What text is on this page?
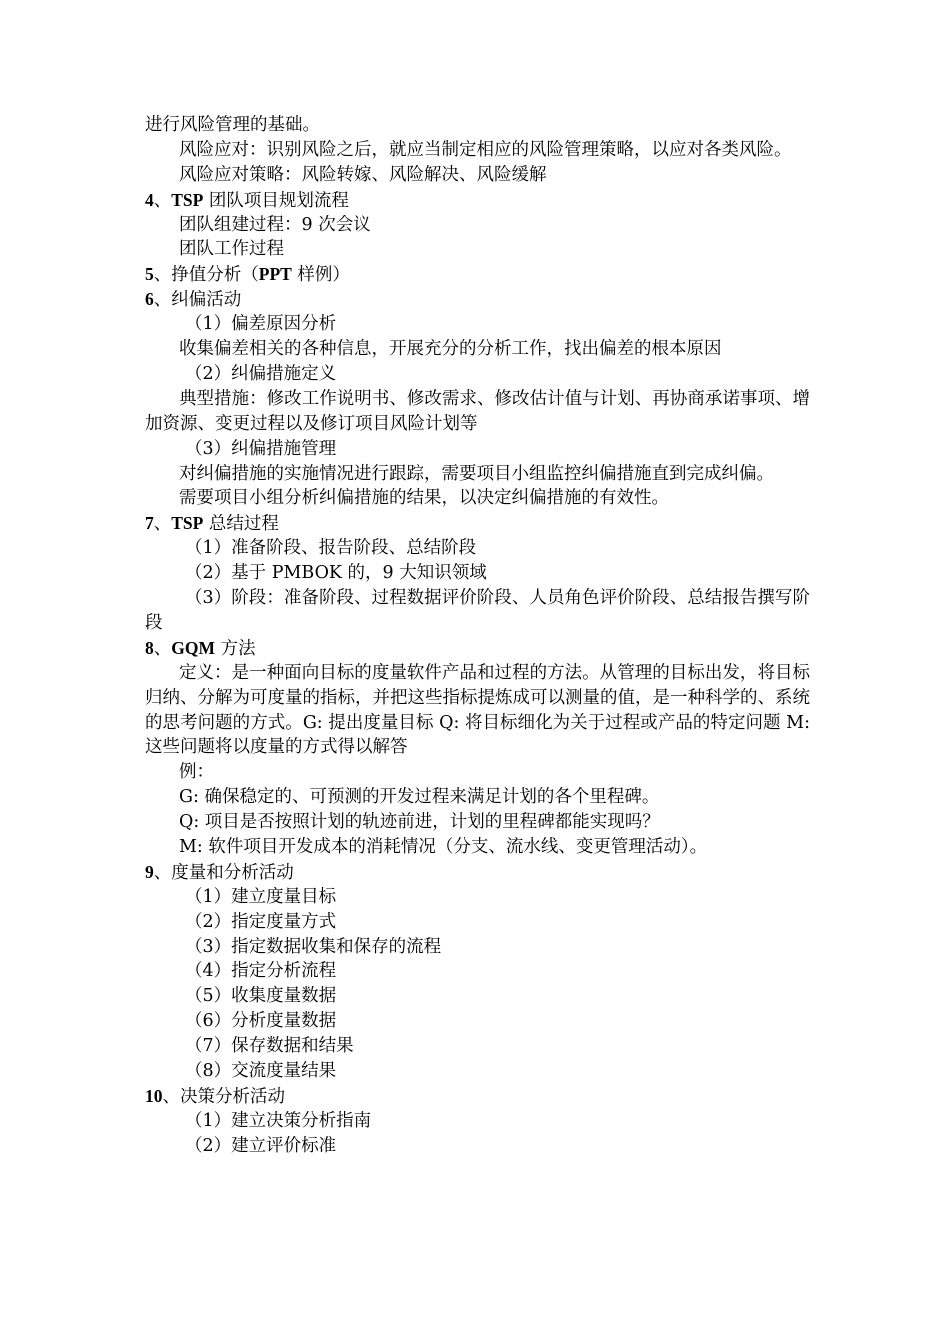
进行风险管理的基础。
风险应对：识别风险之后，就应当制定相应的风险管理策略，以应对各类风险。
风险应对策略：风险转嫁、风险解决、风险缓解
4、TSP 团队项目规划流程
团队组建过程：9 次会议
团队工作过程
5、挣值分析（PPT 样例）
6、纠偏活动
（1）偏差原因分析
收集偏差相关的各种信息，开展充分的分析工作，找出偏差的根本原因
（2）纠偏措施定义
典型措施：修改工作说明书、修改需求、修改估计值与计划、再协商承诺事项、增加资源、变更过程以及修订项目风险计划等
（3）纠偏措施管理
对纠偏措施的实施情况进行跟踪，需要项目小组监控纠偏措施直到完成纠偏。
需要项目小组分析纠偏措施的结果，以决定纠偏措施的有效性。
7、TSP 总结过程
（1）准备阶段、报告阶段、总结阶段
（2）基于 PMBOK 的，9 大知识领域
（3）阶段：准备阶段、过程数据评价阶段、人员角色评价阶段、总结报告撰写阶段
8、GQM 方法
定义：是一种面向目标的度量软件产品和过程的方法。从管理的目标出发，将目标归纳、分解为可度量的指标，并把这些指标提炼成可以测量的值，是一种科学的、系统的思考问题的方式。G: 提出度量目标 Q: 将目标细化为关于过程或产品的特定问题 M: 这些问题将以度量的方式得以解答
例：
G: 确保稳定的、可预测的开发过程来满足计划的各个里程碑。
Q: 项目是否按照计划的轨迹前进，计划的里程碑都能实现吗？
M: 软件项目开发成本的消耗情况（分支、流水线、变更管理活动）。
9、度量和分析活动
（1）建立度量目标
（2）指定度量方式
（3）指定数据收集和保存的流程
（4）指定分析流程
（5）收集度量数据
（6）分析度量数据
（7）保存数据和结果
（8）交流度量结果
10、决策分析活动
（1）建立决策分析指南
（2）建立评价标准
